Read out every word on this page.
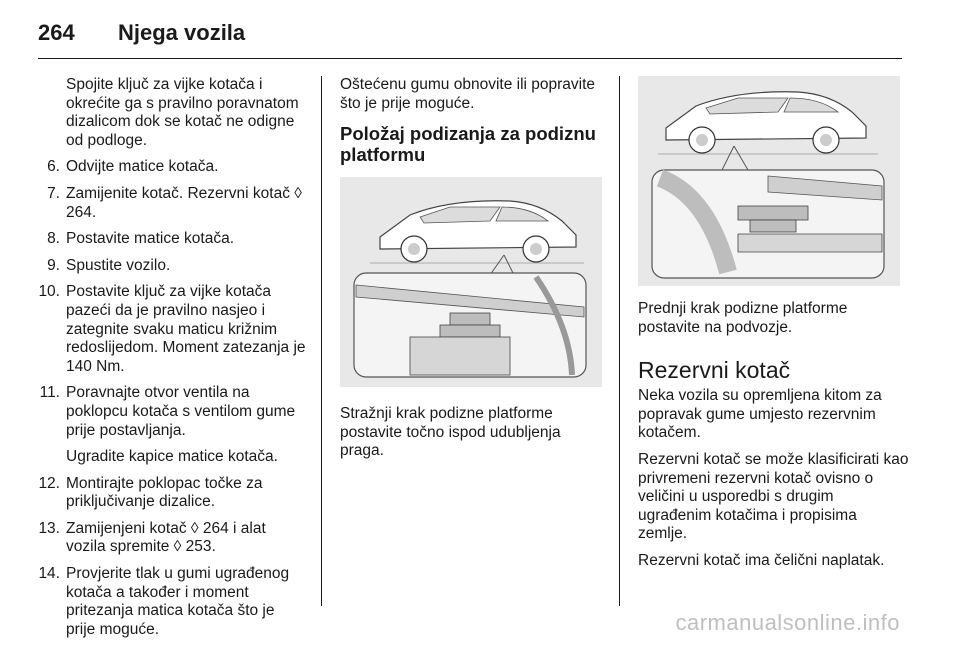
264 Njega vozila

Spojite ključ za vijke kotača i okrećite ga s pravilno poravnatom dizalicom dok se kotač ne odigne od podloge.

6. Odvijte matice kotača.
7. Zamijenite kotač. Rezervni kotač ◊ 264.
8. Postavite matice kotača.
9. Spustite vozilo.
10. Postavite ključ za vijke kotača pazeći da je pravilno nasjeo i zategnite svaku maticu križnim redoslijedom. Moment zatezanja je 140 Nm.
11. Poravnajte otvor ventila na poklopcu kotača s ventilom gume prije postavljanja.
Ugradite kapice matice kotača.
12. Montirajte poklopac točke za priključivanje dizalice.
13. Zamijenjeni kotač ◊ 264 i alat vozila spremite ◊ 253.
14. Provjerite tlak u gumi ugrađenog kotača a također i moment pritezanja matica kotača što je prije moguće.

Oštećenu gumu obnovite ili popravite što je prije moguće.

Položaj podizanja za podiznu platformu

Stražnji krak podizne platforme postavite točno ispod udubljenja praga.

Prednji krak podizne platforme postavite na podvozje.

Rezervni kotač

Neka vozila su opremljena kitom za popravak gume umjesto rezervnim kotačem.

Rezervni kotač se može klasificirati kao privremeni rezervni kotač ovisno o veličini u usporedbi s drugim ugrađenim kotačima i propisima zemlje.

Rezervni kotač ima čelični naplatak.

carmanualsonline.info
